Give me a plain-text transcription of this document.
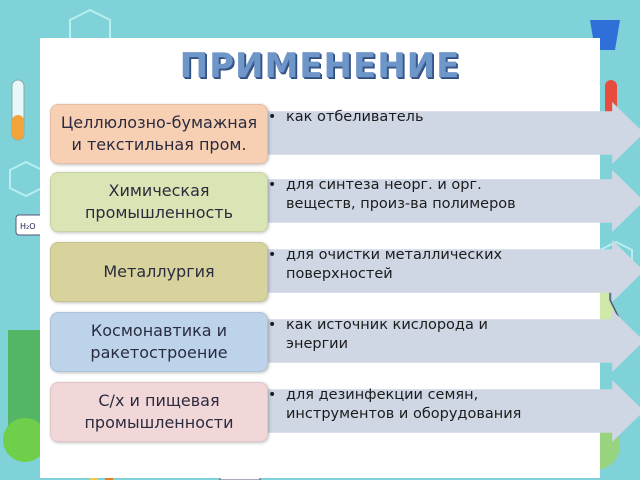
H₂O
ПРИМЕНЕНИЕ
Целлюлозно-бумажная
и текстильная пром.
• как отбеливатель
Химическая
промышленность
• для синтеза неорг. и орг.
веществ, произ-ва полимеров
Металлургия
• для очистки металлических
поверхностей
Космонавтика и
ракетостроение
• как источник кислорода и
энергии
С/х и пищевая
промышленности
• для дезинфекции семян,
инструментов и оборудования
